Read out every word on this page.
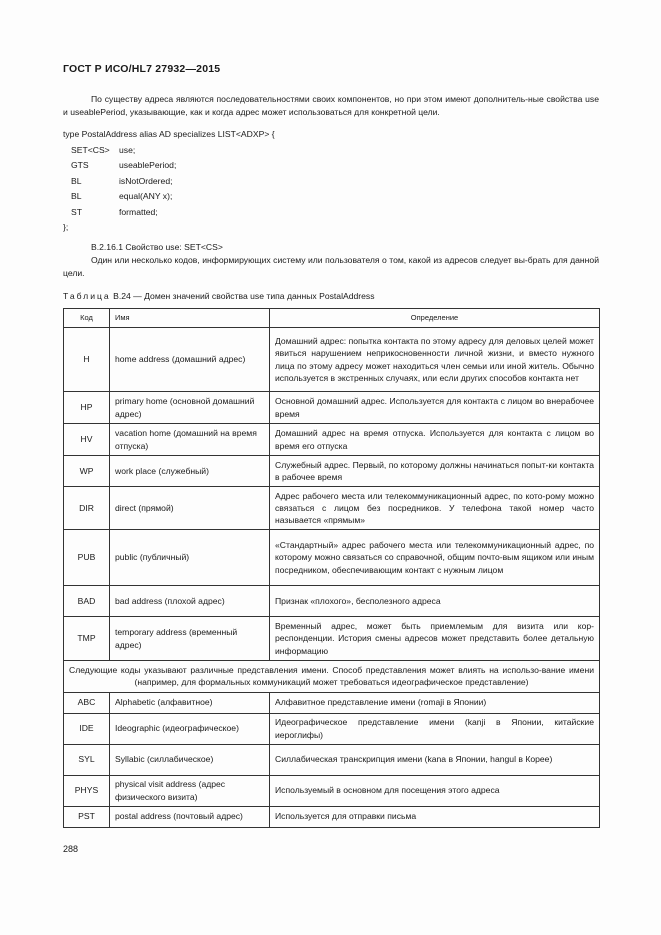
ГОСТ Р ИСО/HL7 27932—2015
По существу адреса являются последовательностями своих компонентов, но при этом имеют дополнитель-ные свойства use и useablePeriod, указывающие, как и когда адрес может использоваться для конкретной цели.
type PostalAddress alias AD specializes LIST<ADXP> {
SET<CS> use;
GTS	useablePeriod;
BL	isNotOrdered;
BL	equal(ANY x);
ST	formatted;
};
B.2.16.1 Свойство use: SET<CS>
Один или несколько кодов, информирующих систему или пользователя о том, какой из адресов следует вы-брать для данной цели.
Таблица B.24 — Домен значений свойства use типа данных PostalAddress
Код	Имя	Определение
H	home address (домашний адрес)	Домашний адрес: попытка контакта по этому адресу для деловых целей может явиться нарушением неприкосновенности личной жизни, и вместо нужного лица по этому адресу может находиться член семьи или иной житель. Обычно используется в экстренных случаях, или если других способов контакта нет
HP	primary home (основной домашний адрес)	Основной домашний адрес. Используется для контакта с лицом во внерабочее время
HV	vacation home (домашний на время отпуска)	Домашний адрес на время отпуска. Используется для контакта с лицом во время его отпуска
WP	work place (служебный)	Служебный адрес. Первый, по которому должны начинаться попыт-ки контакта в рабочее время
DIR	direct (прямой)	Адрес рабочего места или телекоммуникационный адрес, по кото-рому можно связаться с лицом без посредников. У телефона такой номер часто называется «прямым»
PUB	public (публичный)	«Стандартный» адрес рабочего места или телекоммуникационный адрес, по которому можно связаться со справочной, общим почто-вым ящиком или иным посредником, обеспечивающим контакт с нужным лицом
BAD	bad address (плохой адрес)	Признак «плохого», бесполезного адреса
TMP	temporary address (временный адрес)	Временный адрес, может быть приемлемым для визита или кор-респонденции. История смены адресов может представить более детальную информацию
Следующие коды указывают различные представления имени. Способ представления может влиять на использо-вание имени (например, для формальных коммуникаций может требоваться идеографическое представление)		
ABC	Alphabetic (алфавитное)	Алфавитное представление имени (romaji в Японии)
IDE	Ideographic (идеографическое)	Идеографическое представление имени (kanji в Японии, китайские иероглифы)
SYL	Syllabic (силлабическое)	Силлабическая транскрипция имени (kana в Японии, hangul в Корее)
PHYS	physical visit address (адрес физического визита)	Используемый в основном для посещения этого адреса
PST	postal address (почтовый адрес)	Используется для отправки письма
288
